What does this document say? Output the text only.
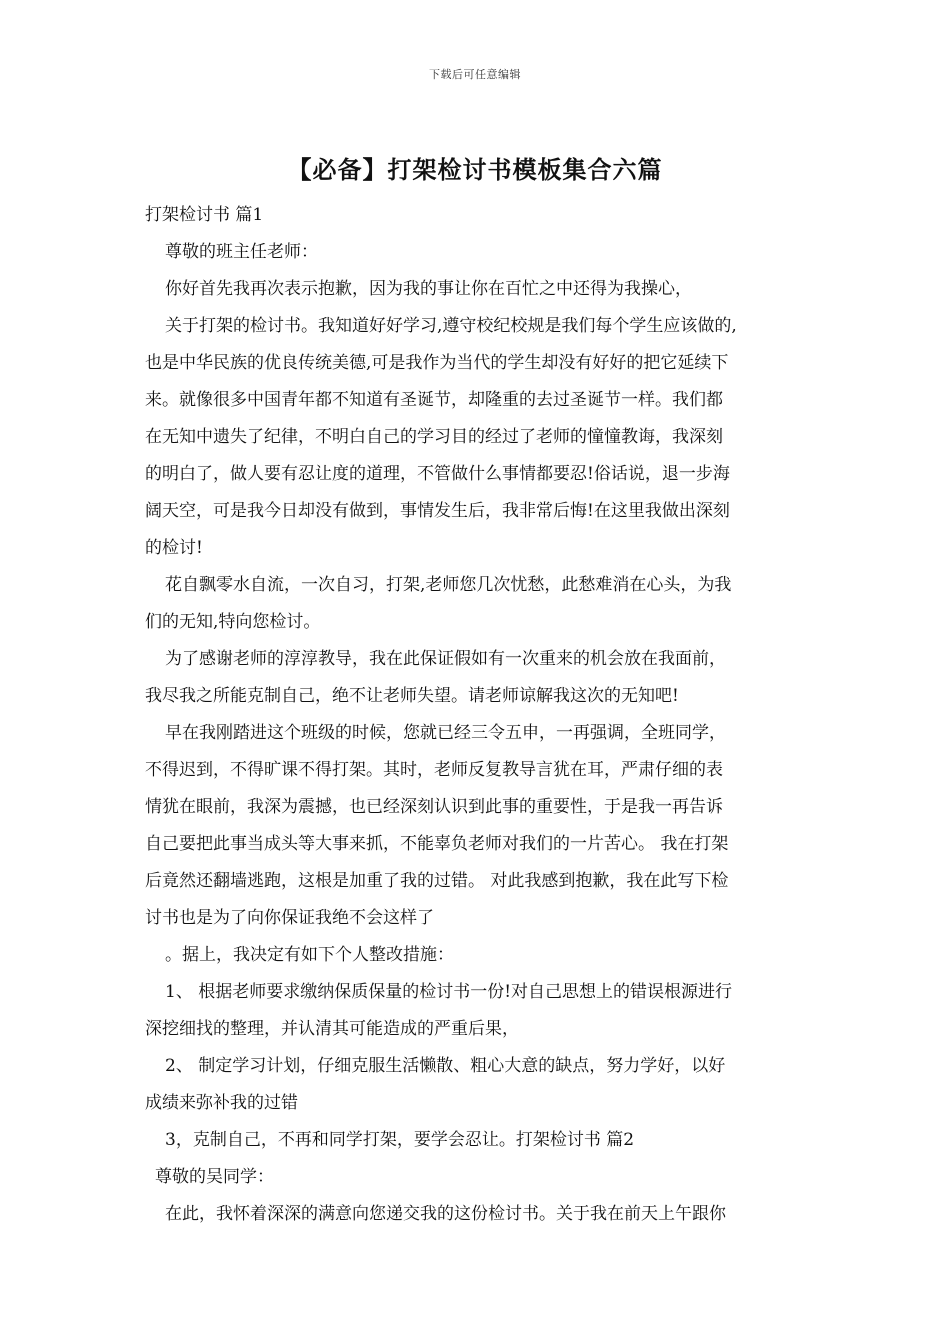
下载后可任意编辑
【必备】打架检讨书模板集合六篇
打架检讨书 篇1
尊敬的班主任老师：
你好首先我再次表示抱歉，因为我的事让你在百忙之中还得为我操心，
关于打架的检讨书。我知道好好学习,遵守校纪校规是我们每个学生应该做的,
也是中华民族的优良传统美德,可是我作为当代的学生却没有好好的把它延续下
来。就像很多中国青年都不知道有圣诞节，却隆重的去过圣诞节一样。我们都
在无知中遗失了纪律，不明白自己的学习目的经过了老师的憧憧教诲，我深刻
的明白了，做人要有忍让度的道理，不管做什么事情都要忍!俗话说，退一步海
阔天空，可是我今日却没有做到，事情发生后，我非常后悔!在这里我做出深刻
的检讨!
花自飘零水自流，一次自习，打架,老师您几次忧愁，此愁难消在心头，为我
们的无知,特向您检讨。
为了感谢老师的淳淳教导，我在此保证假如有一次重来的机会放在我面前，
我尽我之所能克制自己，绝不让老师失望。请老师谅解我这次的无知吧!
早在我刚踏进这个班级的时候，您就已经三令五申，一再强调，全班同学，
不得迟到，不得旷课不得打架。其时，老师反复教导言犹在耳，严肃仔细的表
情犹在眼前，我深为震撼，也已经深刻认识到此事的重要性，于是我一再告诉
自己要把此事当成头等大事来抓，不能辜负老师对我们的一片苦心。 我在打架
后竟然还翻墙逃跑，这根是加重了我的过错。 对此我感到抱歉，我在此写下检
讨书也是为了向你保证我绝不会这样了
。据上，我决定有如下个人整改措施：
1、 根据老师要求缴纳保质保量的检讨书一份!对自己思想上的错误根源进行
深挖细找的整理，并认清其可能造成的严重后果，
2、 制定学习计划，仔细克服生活懒散、粗心大意的缺点，努力学好，以好
成绩来弥补我的过错
3，克制自己，不再和同学打架，要学会忍让。打架检讨书 篇2
尊敬的吴同学：
在此，我怀着深深的满意向您递交我的这份检讨书。关于我在前天上午跟你
